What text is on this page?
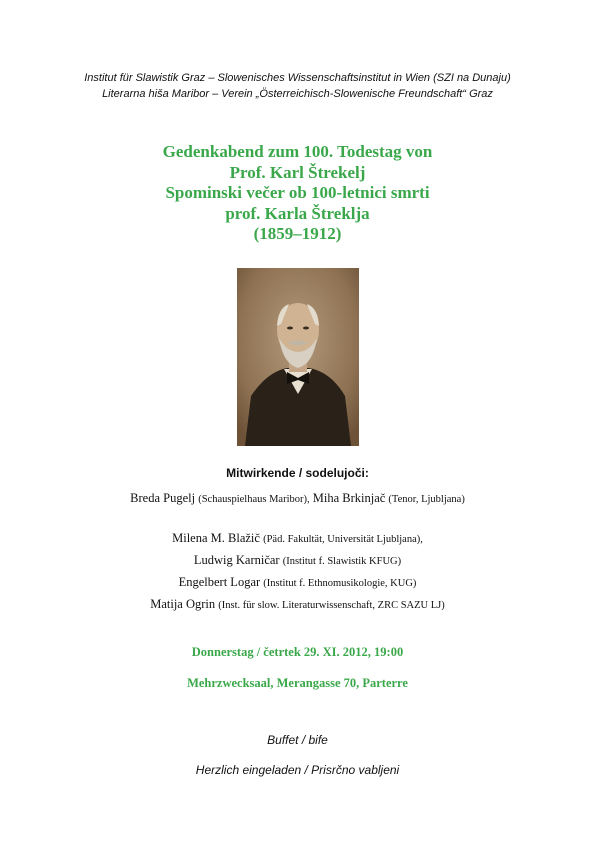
Institut für Slawistik Graz – Slowenisches Wissenschaftsinstitut in Wien (SZI na Dunaju)
Literarna hiša Maribor – Verein „Österreichisch-Slowenische Freundschaft“ Graz
Gedenkabend zum 100. Todestag von
Prof. Karl Štrekelj
Spominski večer ob 100-letnici smrti
prof. Karla Štreklja
(1859–1912)
Mitwirkende / sodelujoči:
Breda Pugelj (Schauspielhaus Maribor), Miha Brkinjač (Tenor, Ljubljana)
Milena M. Blažič (Päd. Fakultät, Universität Ljubljana),
Ludwig Karničar (Institut f. Slawistik KFUG)
Engelbert Logar (Institut f. Ethnomusikologie, KUG)
Matija Ogrin (Inst. für slow. Literaturwissenschaft, ZRC SAZU LJ)
Donnerstag / četrtek 29. XI. 2012, 19:00
Mehrzwecksaal, Merangasse 70, Parterre
Buffet / bife
Herzlich eingeladen / Prisrčno vabljeni
